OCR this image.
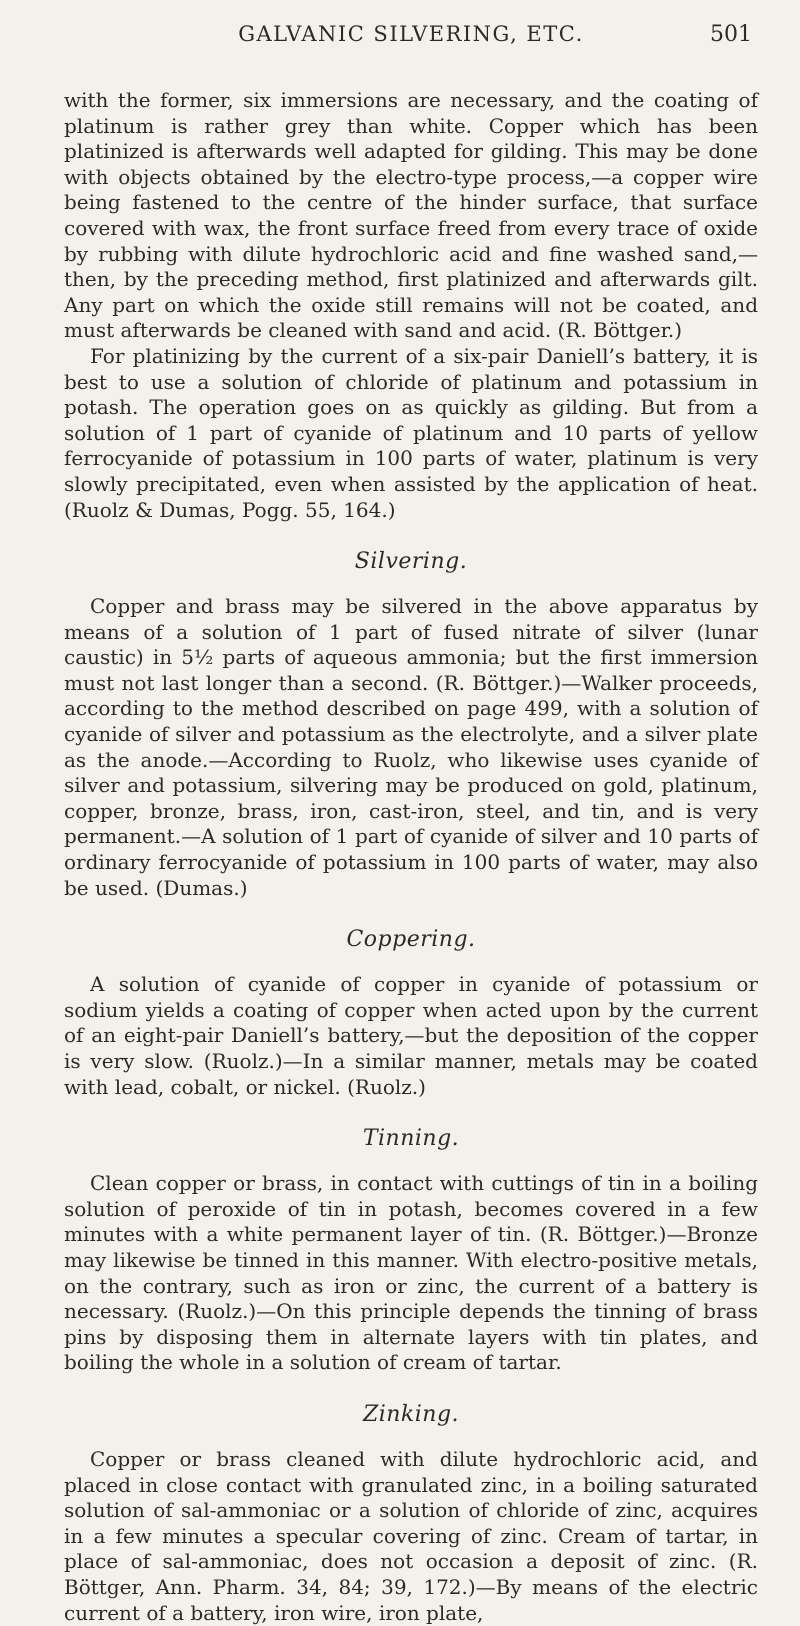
GALVANIC SILVERING, ETC.	501

with the former, six immersions are necessary, and the coating of platinum is rather grey than white. Copper which has been platinized is afterwards well adapted for gilding. This may be done with objects obtained by the electro-type process,—a copper wire being fastened to the centre of the hinder surface, that surface covered with wax, the front surface freed from every trace of oxide by rubbing with dilute hydrochloric acid and fine washed sand,—then, by the preceding method, first platinized and afterwards gilt. Any part on which the oxide still remains will not be coated, and must afterwards be cleaned with sand and acid. (R. Böttger.)

For platinizing by the current of a six-pair Daniell’s battery, it is best to use a solution of chloride of platinum and potassium in potash. The operation goes on as quickly as gilding. But from a solution of 1 part of cyanide of platinum and 10 parts of yellow ferrocyanide of potassium in 100 parts of water, platinum is very slowly precipitated, even when assisted by the application of heat. (Ruolz & Dumas, Pogg. 55, 164.)

Silvering.

Copper and brass may be silvered in the above apparatus by means of a solution of 1 part of fused nitrate of silver (lunar caustic) in 5½ parts of aqueous ammonia; but the first immersion must not last longer than a second. (R. Böttger.)—Walker proceeds, according to the method described on page 499, with a solution of cyanide of silver and potassium as the electrolyte, and a silver plate as the anode.—According to Ruolz, who likewise uses cyanide of silver and potassium, silvering may be produced on gold, platinum, copper, bronze, brass, iron, cast-iron, steel, and tin, and is very permanent.—A solution of 1 part of cyanide of silver and 10 parts of ordinary ferrocyanide of potassium in 100 parts of water, may also be used. (Dumas.)

Coppering.

A solution of cyanide of copper in cyanide of potassium or sodium yields a coating of copper when acted upon by the current of an eight-pair Daniell’s battery,—but the deposition of the copper is very slow. (Ruolz.)—In a similar manner, metals may be coated with lead, cobalt, or nickel. (Ruolz.)

Tinning.

Clean copper or brass, in contact with cuttings of tin in a boiling solution of peroxide of tin in potash, becomes covered in a few minutes with a white permanent layer of tin. (R. Böttger.)—Bronze may likewise be tinned in this manner. With electro-positive metals, on the contrary, such as iron or zinc, the current of a battery is necessary. (Ruolz.)—On this principle depends the tinning of brass pins by disposing them in alternate layers with tin plates, and boiling the whole in a solution of cream of tartar.

Zinking.

Copper or brass cleaned with dilute hydrochloric acid, and placed in close contact with granulated zinc, in a boiling saturated solution of sal-ammoniac or a solution of chloride of zinc, acquires in a few minutes a specular covering of zinc. Cream of tartar, in place of sal-ammoniac, does not occasion a deposit of zinc. (R. Böttger, Ann. Pharm. 34, 84; 39, 172.)—By means of the electric current of a battery, iron wire, iron plate,
